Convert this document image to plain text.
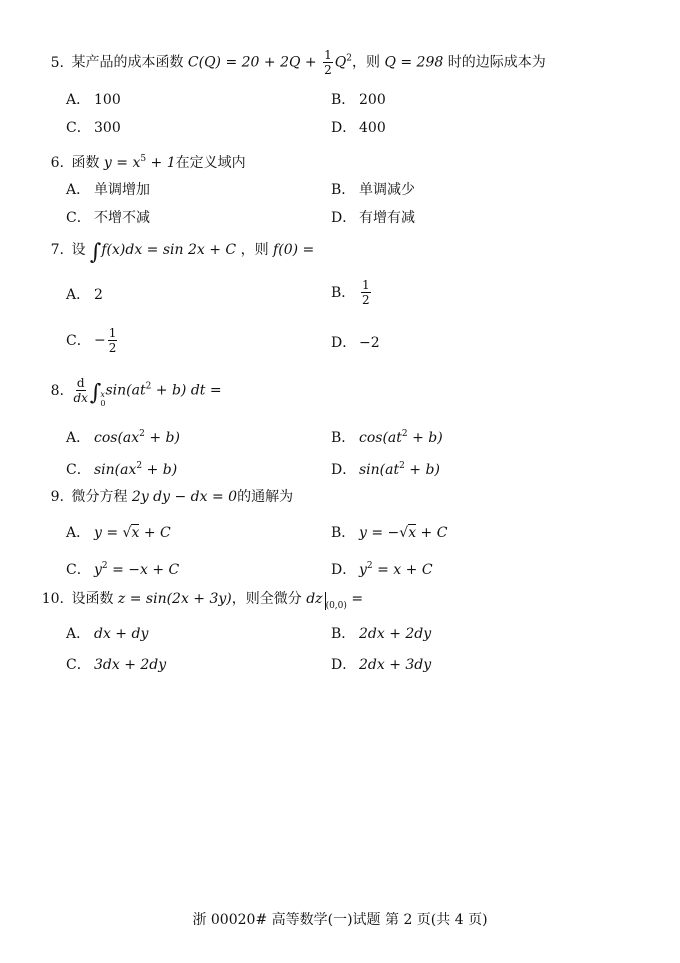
5. 某产品的成本函数 $C(Q) = 20 + 2Q + \frac{1}{2} Q^2$，则 Q = 298 时的边际成本为
A． 100	B． 200
C． 300	D． 400
6. 函数 $y = x^5 + 1$在定义域内
A． 单调增加	B． 单调减少
C． 不增不减	D． 有增有减
7. 设 ∫f(x)dx = sin 2x + C ，则 f(0) =
A． 2	B． $\frac{1}{2}$
C． − $\frac{1}{2}$	D． −2
8. $\frac{d}{dx}$ ∫ x
0
$\sin(at^2 + b)$ dt =
A． $\cos(ax^2 + b)$	B． $\cos(at^2 + b)$
C． $\sin(ax^2 + b)$	D． $\sin(at^2 + b)$
9. 微分方程 2y dy − dx = 0的通解为
A． y = √x + C	B． y = −√x + C
C． $y^2 = -x + C$	D． $y^2 = x + C$
10. 设函数 z = sin(2x + 3y)，则全微分 dz $_{(0,0)}$ =
A． dx + dy	B． 2dx + 2dy
C． 3dx + 2dy	D． 2dx + 3dy
浙 00020# 高等数学(一)试题 第 2 页(共 4 页)
